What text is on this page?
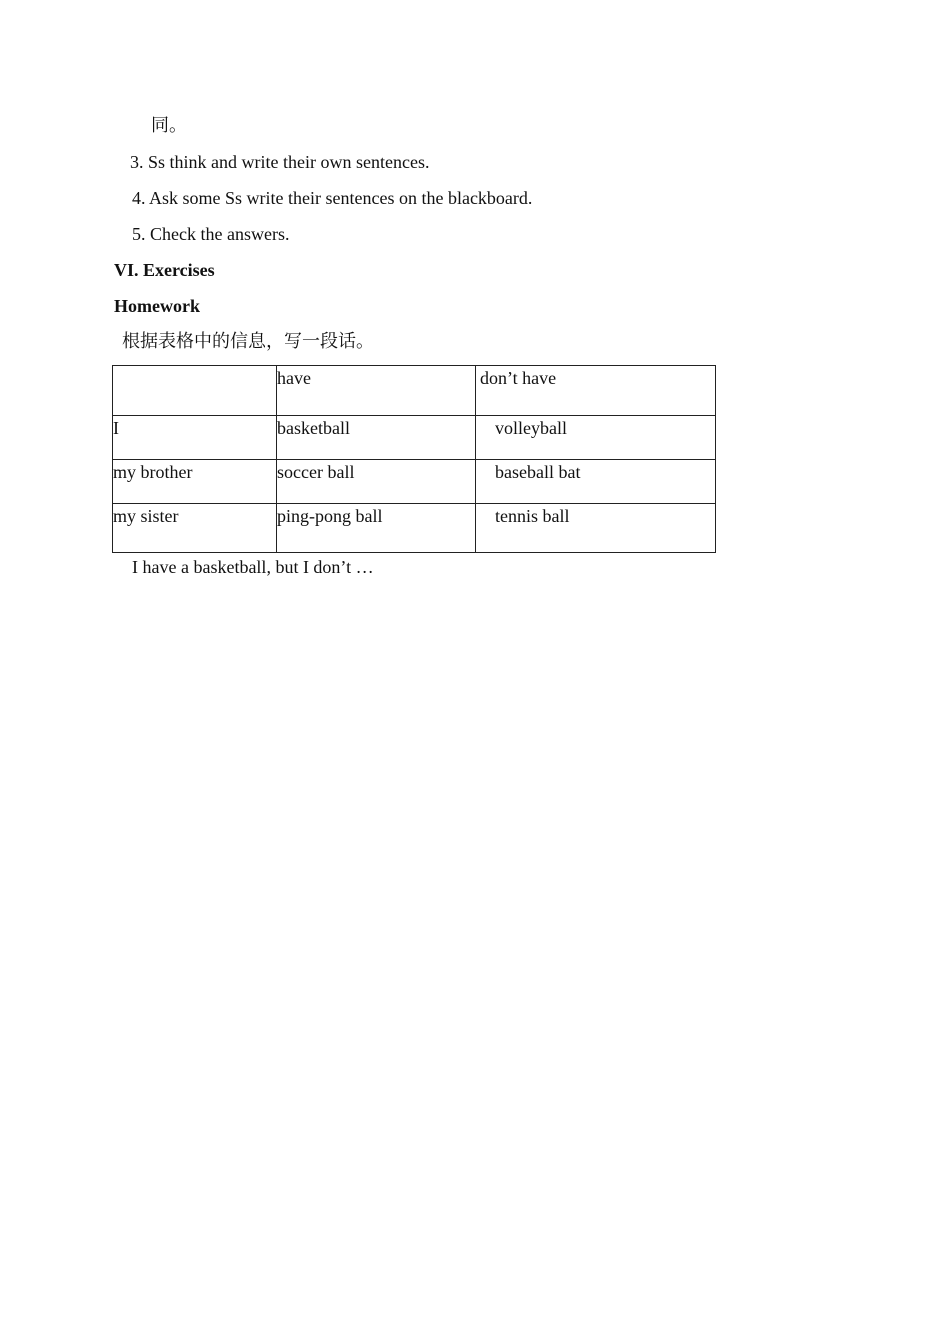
同。
3. Ss think and write their own sentences.
4. Ask some Ss write their sentences on the blackboard.
5. Check the answers.
VI. Exercises
Homework
根据表格中的信息，写一段话。

	have	don’t have

I	basketball	volleyball

my brother	soccer ball	baseball bat

my sister	ping-pong ball	tennis ball
I have a basketball, but I don’t …
